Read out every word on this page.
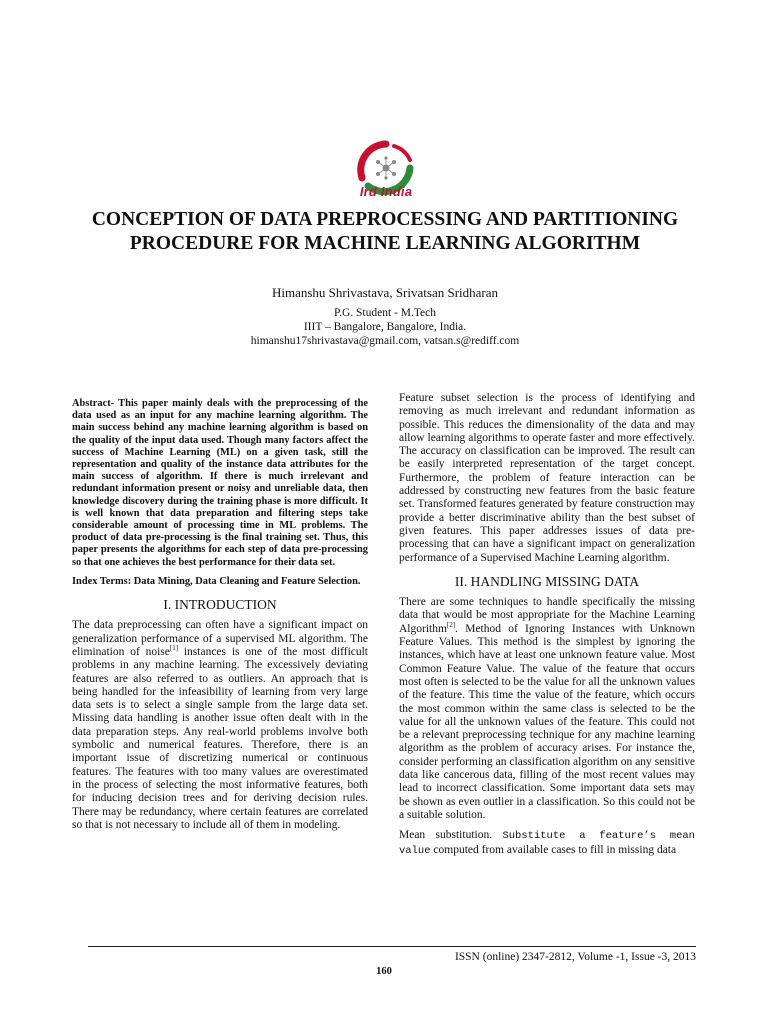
Ird India
CONCEPTION OF DATA PREPROCESSING AND PARTITIONING PROCEDURE FOR MACHINE LEARNING ALGORITHM
Himanshu Shrivastava, Srivatsan Sridharan
P.G. Student - M.Tech
IIIT – Bangalore, Bangalore, India.
himanshu17shrivastava@gmail.com, vatsan.s@rediff.com

Abstract- This paper mainly deals with the preprocessing of the data used as an input for any machine learning algorithm. The main success behind any machine learning algorithm is based on the quality of the input data used. Though many factors affect the success of Machine Learning (ML) on a given task, still the representation and quality of the instance data attributes for the main success of algorithm. If there is much irrelevant and redundant information present or noisy and unreliable data, then knowledge discovery during the training phase is more difficult. It is well known that data preparation and filtering steps take considerable amount of processing time in ML problems. The product of data pre-processing is the final training set. Thus, this paper presents the algorithms for each step of data pre-processing so that one achieves the best performance for their data set.

Index Terms: Data Mining, Data Cleaning and Feature Selection.

I. INTRODUCTION

The data preprocessing can often have a significant impact on generalization performance of a supervised ML algorithm. The elimination of noise[1] instances is one of the most difficult problems in any machine learning. The excessively deviating features are also referred to as outliers. An approach that is being handled for the infeasibility of learning from very large data sets is to select a single sample from the large data set. Missing data handling is another issue often dealt with in the data preparation steps. Any real-world problems involve both symbolic and numerical features. Therefore, there is an important issue of discretizing numerical or continuous features. The features with too many values are overestimated in the process of selecting the most informative features, both for inducing decision trees and for deriving decision rules. There may be redundancy, where certain features are correlated so that is not necessary to include all of them in modeling.

Feature subset selection is the process of identifying and removing as much irrelevant and redundant information as possible. This reduces the dimensionality of the data and may allow learning algorithms to operate faster and more effectively. The accuracy on classification can be improved. The result can be easily interpreted representation of the target concept. Furthermore, the problem of feature interaction can be addressed by constructing new features from the basic feature set. Transformed features generated by feature construction may provide a better discriminative ability than the best subset of given features. This paper addresses issues of data pre-processing that can have a significant impact on generalization performance of a Supervised Machine Learning algorithm.

II. HANDLING MISSING DATA

There are some techniques to handle specifically the missing data that would be most appropriate for the Machine Learning Algorithm[2]. Method of Ignoring Instances with Unknown Feature Values. This method is the simplest by ignoring the instances, which have at least one unknown feature value. Most Common Feature Value. The value of the feature that occurs most often is selected to be the value for all the unknown values of the feature. This time the value of the feature, which occurs the most common within the same class is selected to be the value for all the unknown values of the feature. This could not be a relevant preprocessing technique for any machine learning algorithm as the problem of accuracy arises. For instance the, consider performing an classification algorithm on any sensitive data like cancerous data, filling of the most recent values may lead to incorrect classification. Some important data sets may be shown as even outlier in a classification. So this could not be a suitable solution.

Mean substitution. Substitute a feature’s mean value computed from available cases to fill in missing data

ISSN (online) 2347-2812, Volume -1, Issue -3, 2013
160
